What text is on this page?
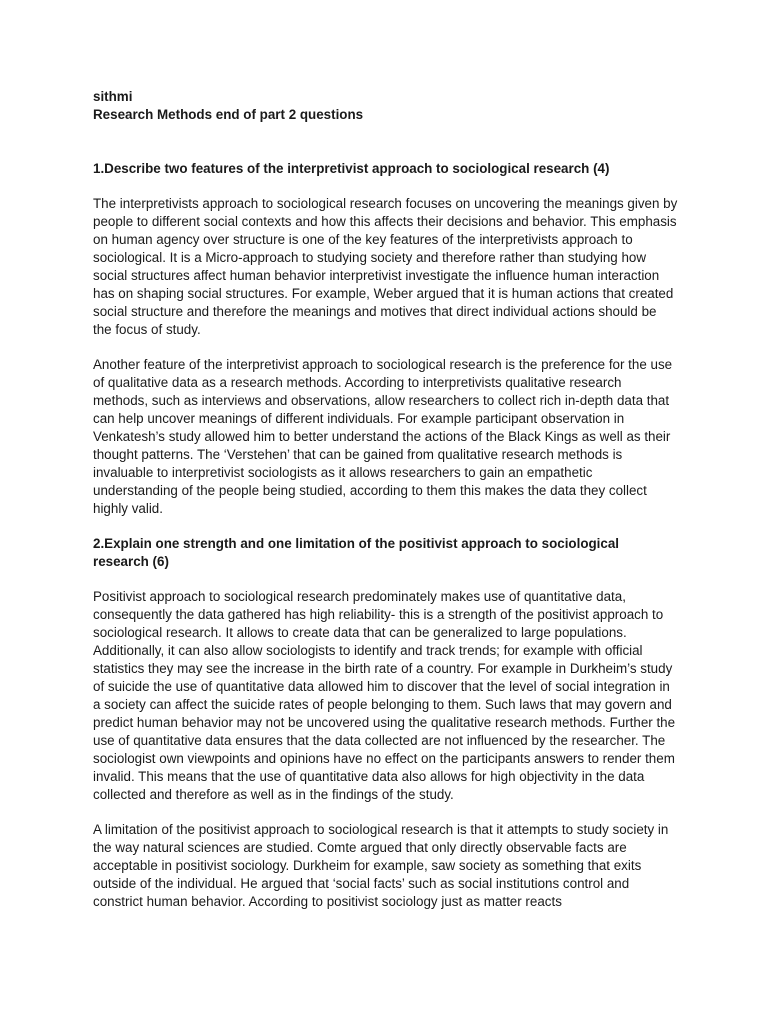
sithmi
Research Methods end of part 2 questions
1.Describe two features of the interpretivist approach to sociological research (4)

The interpretivists approach to sociological research focuses on uncovering the meanings given by people to different social contexts and how this affects their decisions and behavior. This emphasis on human agency over structure is one of the key features of the interpretivists approach to sociological. It is a Micro-approach to studying society and therefore rather than studying how social structures affect human behavior interpretivist investigate the influence human interaction has on shaping social structures. For example, Weber argued that it is human actions that created social structure and therefore the meanings and motives that direct individual actions should be the focus of study.

Another feature of the interpretivist approach to sociological research is the preference for the use of qualitative data as a research methods. According to interpretivists qualitative research methods, such as interviews and observations, allow researchers to collect rich in-depth data that can help uncover meanings of different individuals. For example participant observation in Venkatesh’s study allowed him to better understand the actions of the Black Kings as well as their thought patterns. The ‘Verstehen’ that can be gained from qualitative research methods is invaluable to interpretivist sociologists as it allows researchers to gain an empathetic understanding of the people being studied, according to them this makes the data they collect highly valid.

2.Explain one strength and one limitation of the positivist approach to sociological research (6)

Positivist approach to sociological research predominately makes use of quantitative data, consequently the data gathered has high reliability- this is a strength of the positivist approach to sociological research. It allows to create data that can be generalized to large populations. Additionally, it can also allow sociologists to identify and track trends; for example with official statistics they may see the increase in the birth rate of a country. For example in Durkheim’s study of suicide the use of quantitative data allowed him to discover that the level of social integration in a society can affect the suicide rates of people belonging to them. Such laws that may govern and predict human behavior may not be uncovered using the qualitative research methods. Further the use of quantitative data ensures that the data collected are not influenced by the researcher. The sociologist own viewpoints and opinions have no effect on the participants answers to render them invalid. This means that the use of quantitative data also allows for high objectivity in the data collected and therefore as well as in the findings of the study.

A limitation of the positivist approach to sociological research is that it attempts to study society in the way natural sciences are studied. Comte argued that only directly observable facts are acceptable in positivist sociology. Durkheim for example, saw society as something that exits outside of the individual. He argued that ‘social facts’ such as social institutions control and constrict human behavior. According to positivist sociology just as matter reacts
